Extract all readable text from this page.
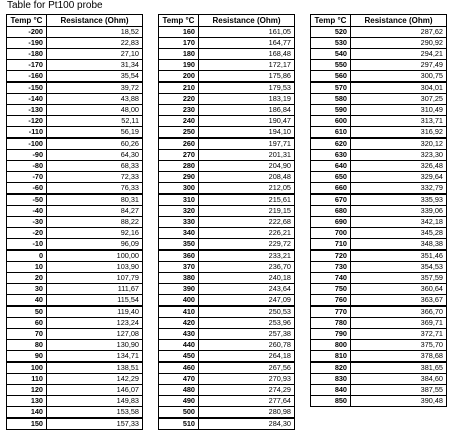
Table for Pt100 probe
Temp °C	Resistance (Ohm)
-200	18,52
-190	22,83
-180	27,10
-170	31,34
-160	35,54
-150	39,72
-140	43,88
-130	48,00
-120	52,11
-110	56,19
-100	60,26
-90	64,30
-80	68,33
-70	72,33
-60	76,33
-50	80,31
-40	84,27
-30	88,22
-20	92,16
-10	96,09
0	100,00
10	103,90
20	107,79
30	111,67
40	115,54
50	119,40
60	123,24
70	127,08
80	130,90
90	134,71
100	138,51
110	142,29
120	146,07
130	149,83
140	153,58
150	157,33
Temp °C	Resistance (Ohm)
160	161,05
170	164,77
180	168,48
190	172,17
200	175,86
210	179,53
220	183,19
230	186,84
240	190,47
250	194,10
260	197,71
270	201,31
280	204,90
290	208,48
300	212,05
310	215,61
320	219,15
330	222,68
340	226,21
350	229,72
360	233,21
370	236,70
380	240,18
390	243,64
400	247,09
410	250,53
420	253,96
430	257,38
440	260,78
450	264,18
460	267,56
470	270,93
480	274,29
490	277,64
500	280,98
510	284,30
Temp °C	Resistance (Ohm)
520	287,62
530	290,92
540	294,21
550	297,49
560	300,75
570	304,01
580	307,25
590	310,49
600	313,71
610	316,92
620	320,12
630	323,30
640	326,48
650	329,64
660	332,79
670	335,93
680	339,06
690	342,18
700	345,28
710	348,38
720	351,46
730	354,53
740	357,59
750	360,64
760	363,67
770	366,70
780	369,71
790	372,71
800	375,70
810	378,68
820	381,65
830	384,60
840	387,55
850	390,48
